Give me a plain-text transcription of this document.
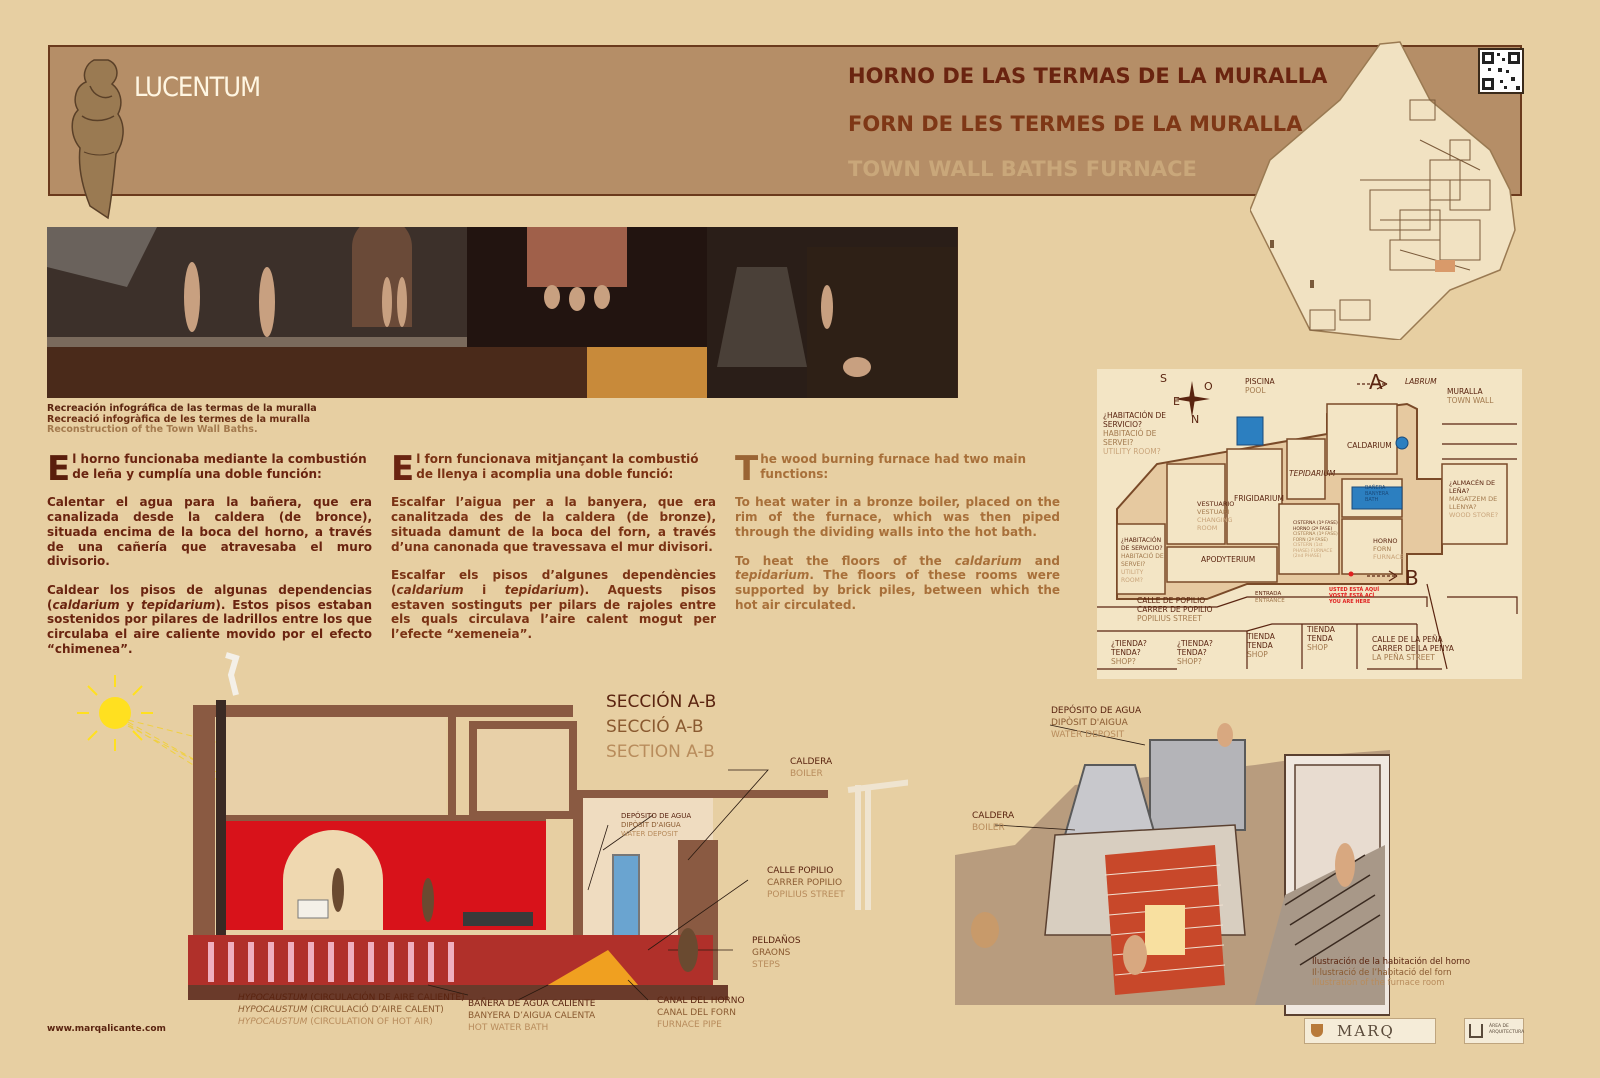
LUCENTUM	HORNO DE LAS TERMAS DE LA MURALLA
FORN DE LES TERMES DE LA MURALLA
TOWN WALL BATHS FURNACE
Recreación infográfica de las termas de la muralla
Recreació infogràfica de les termes de la muralla
Reconstruction of the Town Wall Baths.

El horno funcionaba mediante la combustión de leña y cumplía una doble función:

Calentar el agua para la bañera, que era canalizada desde la caldera (de bronce), situada encima de la boca del horno, a través de una cañería que atravesaba el muro divisorio.

Caldear los pisos de algunas dependencias (caldarium y tepidarium). Estos pisos estaban sostenidos por pilares de ladrillos entre los que circulaba el aire caliente movido por el efecto “chimenea”.

El forn funcionava mitjançant la combustió de llenya i acomplia una doble funció:

Escalfar l’aigua per a la banyera, que era canalitzada des de la caldera (de bronze), situada damunt de la boca del forn, a través d’una canonada que travessava el mur divisori.

Escalfar els pisos d’algunes dependències (caldarium i tepidarium). Aquests pisos estaven sostinguts per pilars de rajoles entre els quals circulava l’aire calent mogut per l’efecte “xemeneia”.

The wood burning furnace had two main functions:

To heat water in a bronze boiler, placed on the rim of the furnace, which was then piped through the dividing walls into the hot bath.

To heat the floors of the caldarium and tepidarium. The floors of these rooms were supported by brick piles, between which the hot air circulated.

S
O
E
N
PISCINA
POOL	A	LABRUM
MURALLA
TOWN WALL
¿HABITACIÓN DE SERVICIO?
HABITACIÓ DE SERVEI?
UTILITY ROOM?
CALDARIUM
TEPIDARIUM
FRIGIDARIUM
VESTUARIO
VESTUARI
CHANGING ROOM
BAÑERA
BANYERA
BATH
¿ALMACÉN DE LEÑA?
MAGATZEM DE LLENYA?
WOOD STORE?
¿HABITACIÓN DE SERVICIO?
HABITACIÓ DE SERVEI?
UTILITY ROOM?
APODYTERIUM
CISTERNA (1ª FASE) HORNO (2ª FASE)
CISTERNA (1ª FASE) FORN (2ª FASE)
CISTERN (1st PHASE) FURNACE (2nd PHASE)
HORNO
FORN
FURNACE
ENTRADA
ENTRANCE
USTED ESTÁ AQUÍ
VOSTÈ ESTÀ ACÍ
YOU ARE HERE
B
CALLE DE POPILIO
CARRER DE POPILIO
POPILIUS STREET
¿TIENDA?
TENDA?
SHOP?
¿TIENDA?
TENDA?
SHOP?
TIENDA
TENDA
SHOP
TIENDA
TENDA
SHOP
CALLE DE LA PEÑA
CARRER DE LA PENYA
LA PEÑA STREET
SECCIÓN A-B
SECCIÓ A-B
SECTION A-B	CALDERA
BOILER
DEPÓSITO DE AGUA
DIPÒSIT D'AIGUA
WATER DEPOSIT
CALLE POPILIO
CARRER POPILIO
POPILIUS STREET
PELDAÑOS
GRAONS
STEPS
HYPOCAUSTUM (CIRCULACIÓN DE AIRE CALIENTE)
HYPOCAUSTUM (CIRCULACIÓ D’AIRE CALENT)
HYPOCAUSTUM (CIRCULATION OF HOT AIR)
BAÑERA DE AGUA CALIENTE
BANYERA D’AIGUA CALENTA
HOT WATER BATH
CANAL DEL HORNO
CANAL DEL FORN
FURNACE PIPE
DEPÓSITO DE AGUA
DIPÒSIT D'AIGUA
WATER DEPOSIT
CALDERA
BOILER
Ilustración de la habitación del horno
Il·lustració de l’habitació del forn
Illustration of the furnace room
www.marqalicante.com	MARQ	ÀREA DE ARQUITECTURA
